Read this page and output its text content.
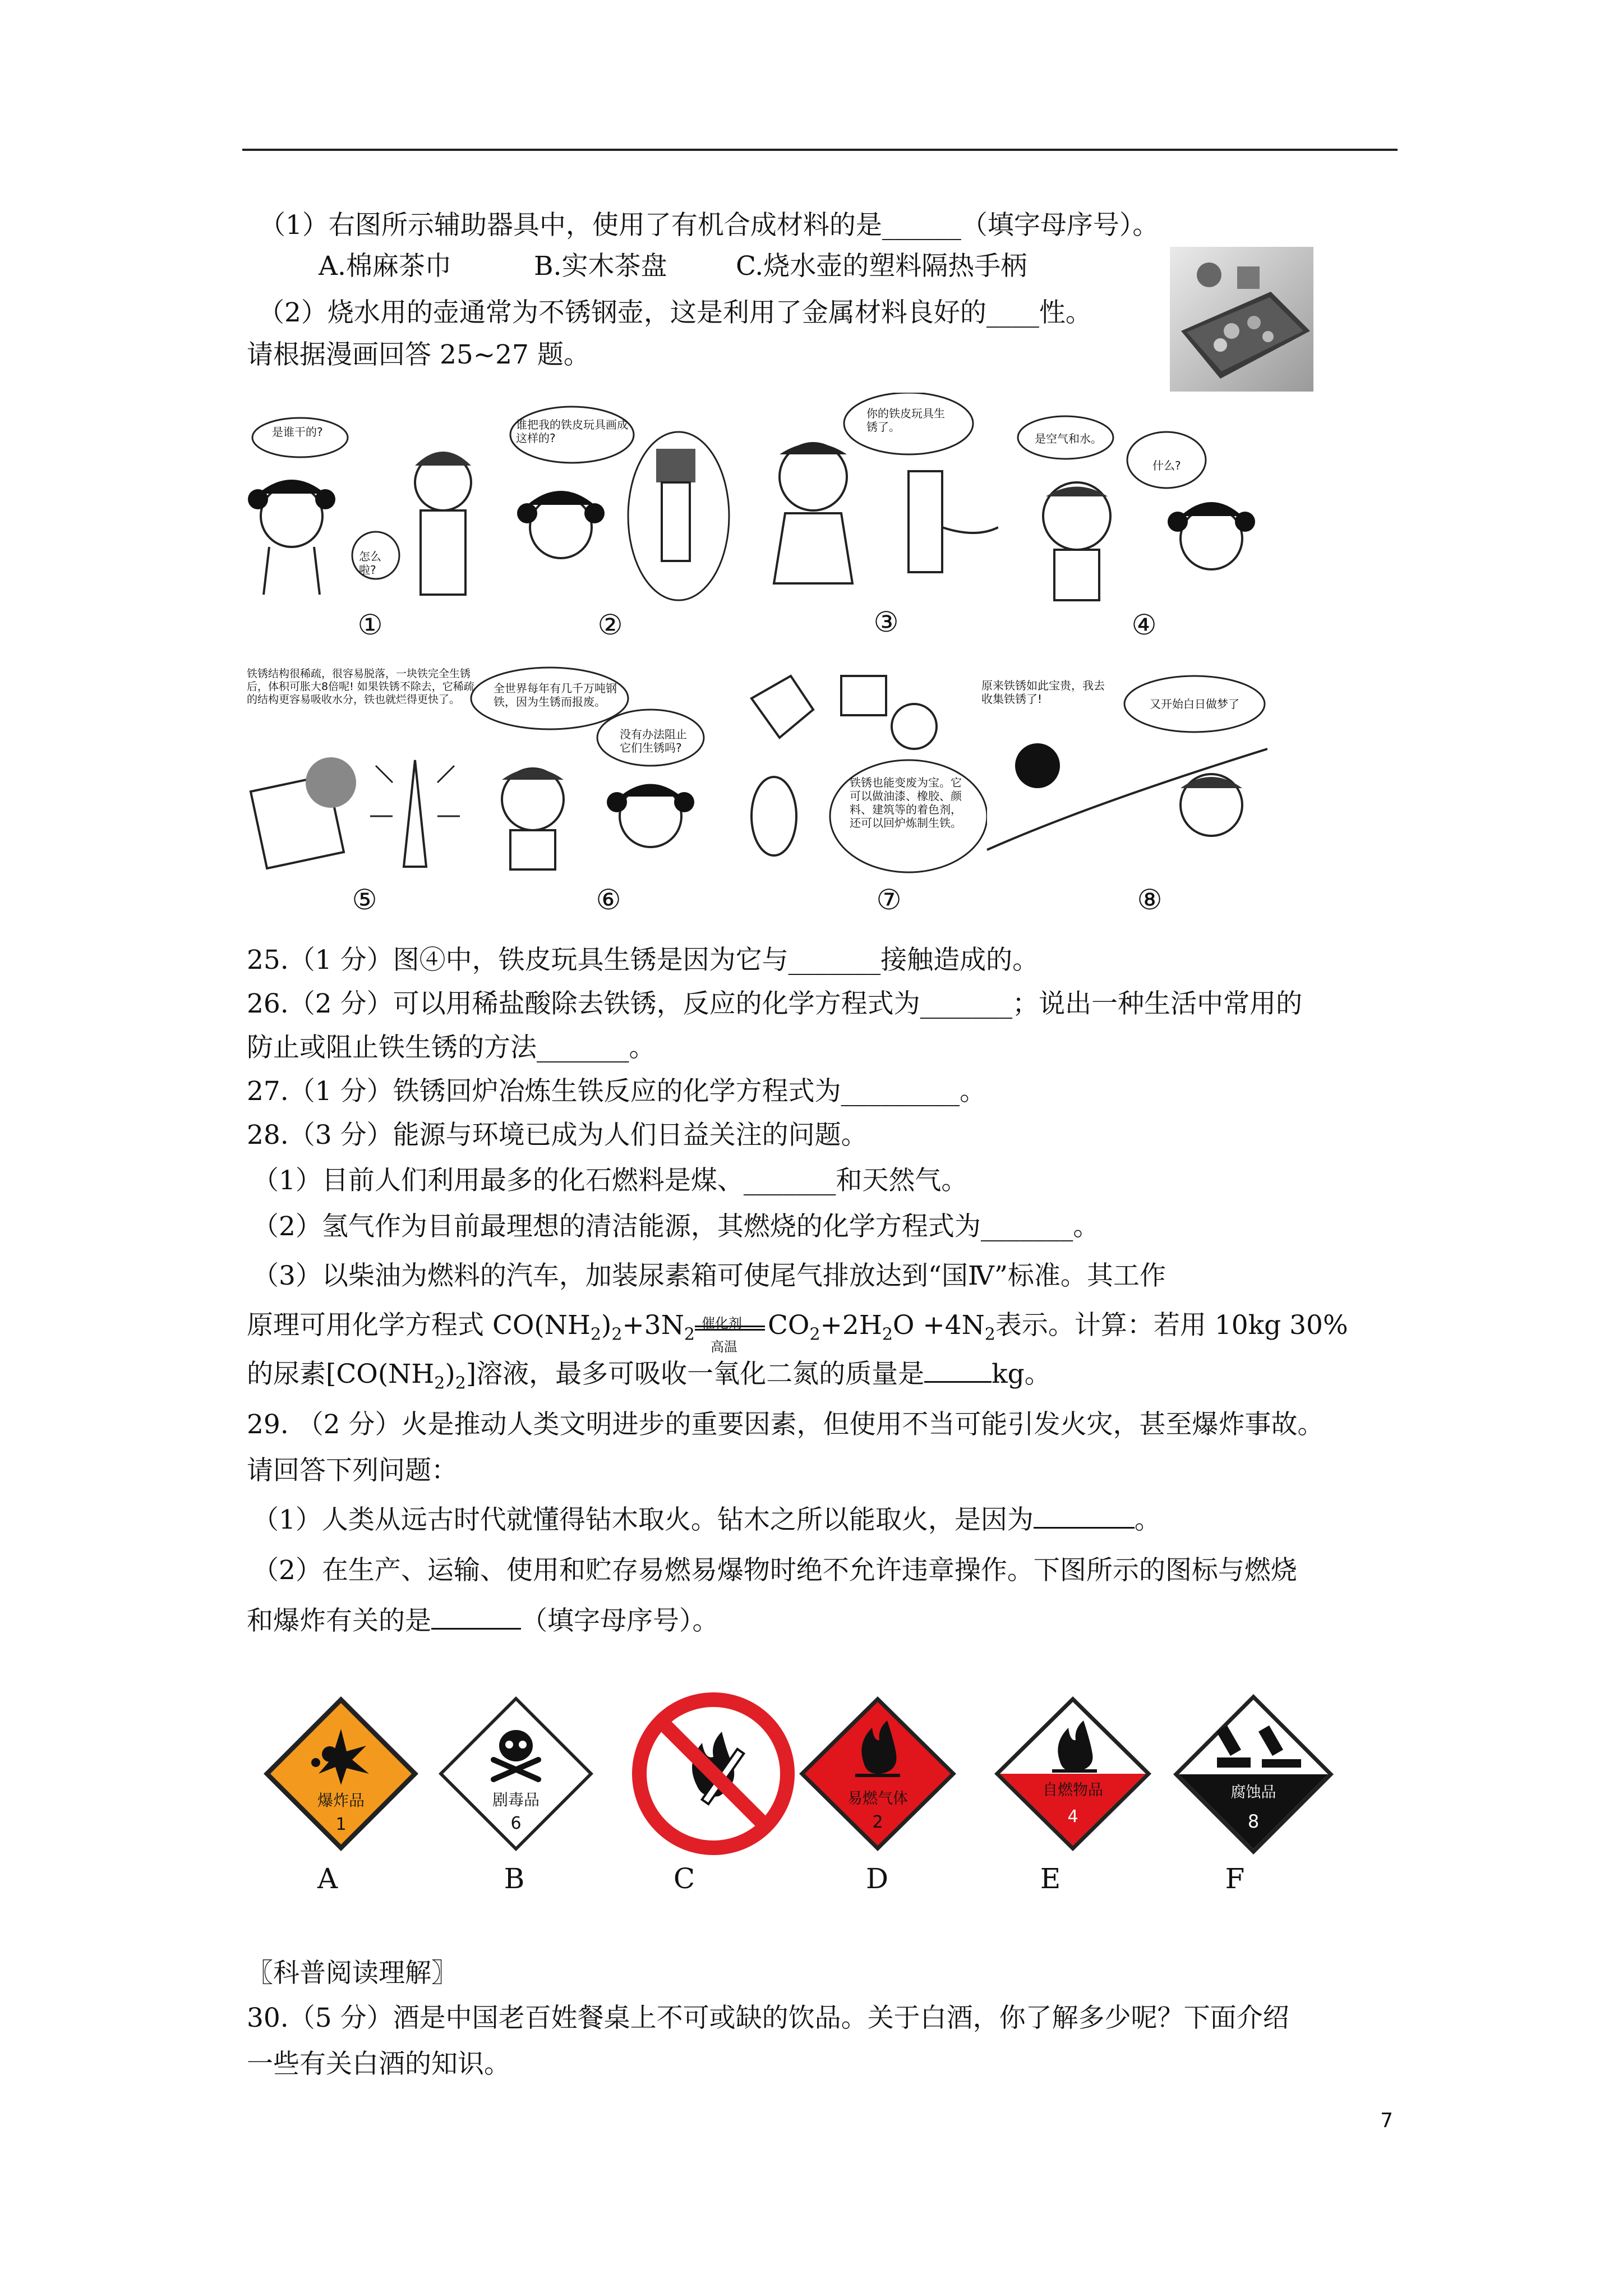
（1）右图所示辅助器具中，使用了有机合成材料的是______（填字母序号）。
A.棉麻茶巾	B.实木茶盘	C.烧水壶的塑料隔热手柄
（2）烧水用的壶通常为不锈钢壶，这是利用了金属材料良好的____性。
请根据漫画回答 25~27 题。
是谁干的?
怎么啦?
谁把我的铁皮玩具画成这样的?
你的铁皮玩具生锈了。
是空气和水。
什么?
①	②	③	④
铁锈结构很稀疏，很容易脱落，一块铁完全生锈后，体积可胀大8倍呢! 如果铁锈不除去，它稀疏的结构更容易吸收水分，铁也就烂得更快了。
全世界每年有几千万吨钢铁，因为生锈而报废。
没有办法阻止它们生锈吗?
铁锈也能变废为宝。它可以做油漆、橡胶、颜料、建筑等的着色剂，还可以回炉炼制生铁。
原来铁锈如此宝贵，我去收集铁锈了!	又开始白日做梦了
⑤	⑥	⑦	⑧
25.（1 分）图④中，铁皮玩具生锈是因为它与_______接触造成的。
26.（2 分）可以用稀盐酸除去铁锈，反应的化学方程式为_______；说出一种生活中常用的
防止或阻止铁生锈的方法_______。
27.（1 分）铁锈回炉冶炼生铁反应的化学方程式为_________。
28.（3 分）能源与环境已成为人们日益关注的问题。
（1）目前人们利用最多的化石燃料是煤、_______和天然气。
（2）氢气作为目前最理想的清洁能源，其燃烧的化学方程式为_______。
（3）以柴油为燃料的汽车，加装尿素箱可使尾气排放达到“国Ⅳ”标准。其工作
原理可用化学方程式 $CO(NH_2)_2+3N_2$
催化剂
高温
$CO_2+2H_2O +4N_2$表示。计算：若用 10kg 30%
的尿素$[CO(NH_2)_2]$溶液，最多可吸收一氧化二氮的质量是	kg。
29. （2 分）火是推动人类文明进步的重要因素，但使用不当可能引发火灾，甚至爆炸事故。
请回答下列问题：
（1）人类从远古时代就懂得钻木取火。钻木之所以能取火，是因为	。
（2）在生产、运输、使用和贮存易燃易爆物时绝不允许违章操作。下图所示的图标与燃烧
和爆炸有关的是	（填字母序号）。
爆炸品
1
剧毒品
6
易燃气体
2
自燃物品
4
腐蚀品
8
A	B	C	D	E	F
〖科普阅读理解〗
30.（5 分）酒是中国老百姓餐桌上不可或缺的饮品。关于白酒，你了解多少呢？下面介绍
一些有关白酒的知识。
7
